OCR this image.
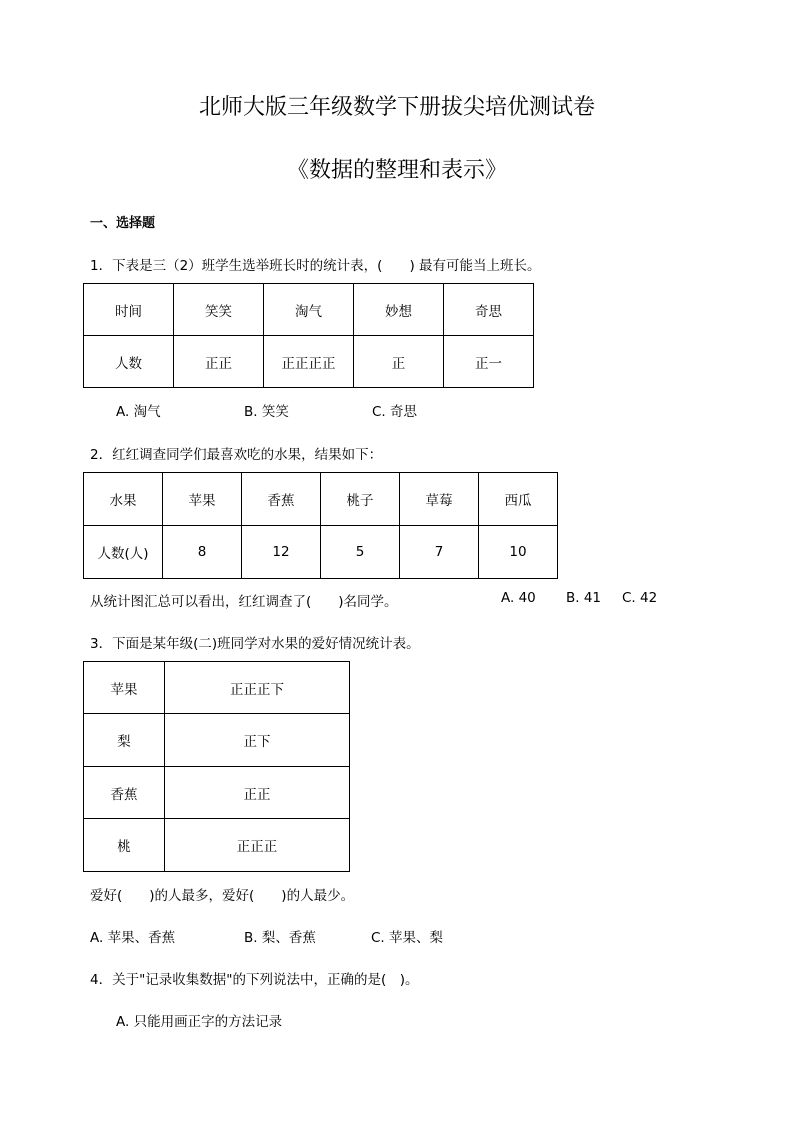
北师大版三年级数学下册拔尖培优测试卷
《数据的整理和表示》
一、选择题
1．下表是三（2）班学生选举班长时的统计表，(　　) 最有可能当上班长。
时间	笑笑	淘气	妙想	奇思
人数	正正	正正正正	正	正一
A. 淘气	B. 笑笑	C. 奇思
2．红红调查同学们最喜欢吃的水果，结果如下：
水果	苹果	香蕉	桃子	草莓	西瓜
人数(人)	8	12	5	7	10
从统计图汇总可以看出，红红调查了(　　)名同学。	A. 40 B. 41 C. 42
3．下面是某年级(二)班同学对水果的爱好情况统计表。
苹果	正正正下
梨	正下
香蕉	正正
桃	正正正
爱好(　　)的人最多，爱好(　　)的人最少。
A. 苹果、香蕉	B. 梨、香蕉	C. 苹果、梨
4．关于"记录收集数据"的下列说法中，正确的是(　)。
A. 只能用画正字的方法记录
